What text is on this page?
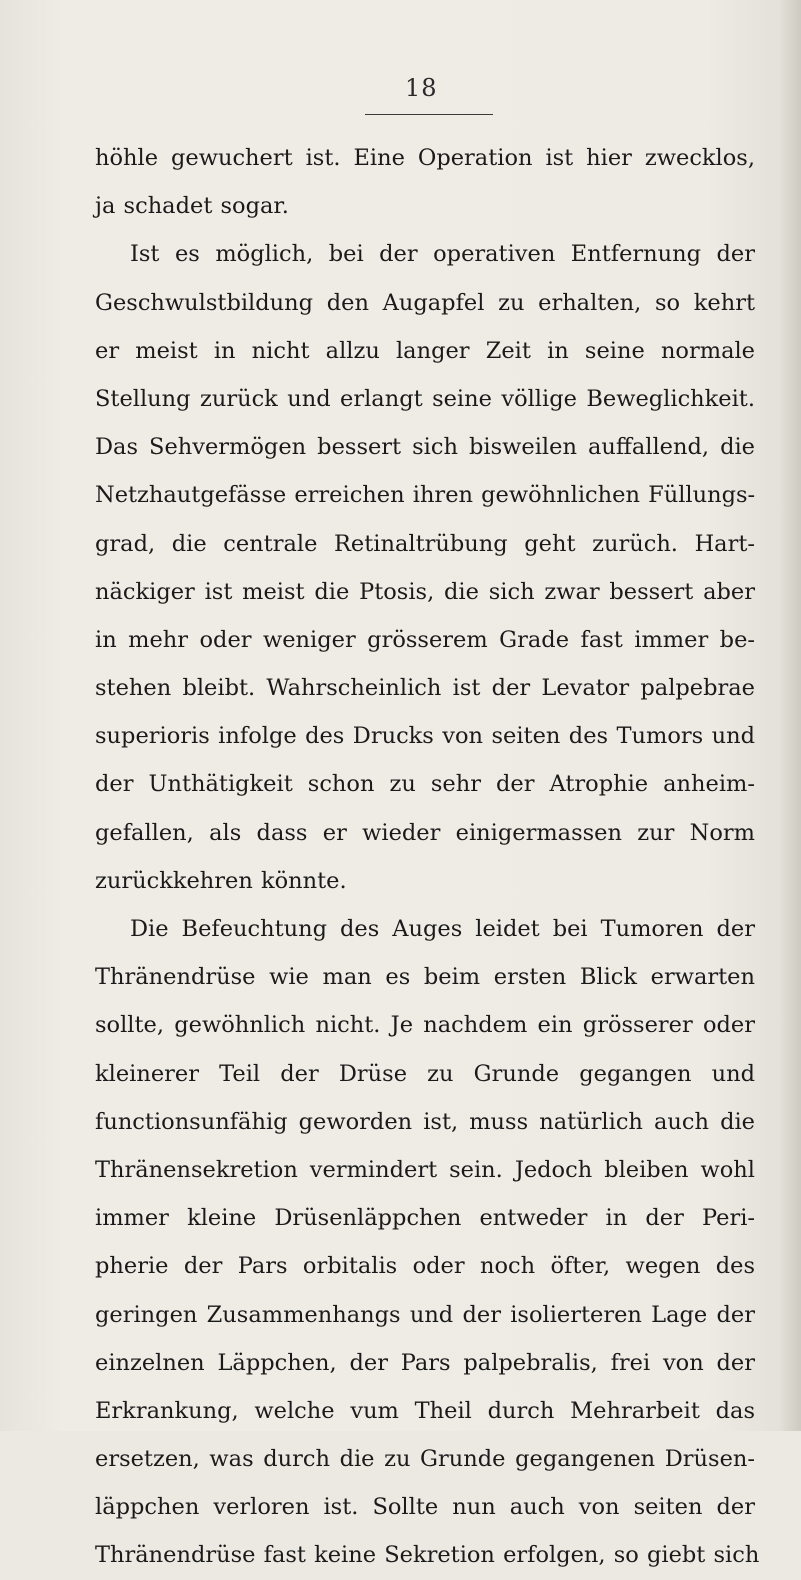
18
höhle gewuchert ist. Eine Operation ist hier zwecklos,
ja schadet sogar.
Ist es möglich, bei der operativen Entfernung der
Geschwulstbildung den Augapfel zu erhalten, so kehrt
er meist in nicht allzu langer Zeit in seine normale
Stellung zurück und erlangt seine völlige Beweglichkeit.
Das Sehvermögen bessert sich bisweilen auffallend, die
Netzhautgefässe erreichen ihren gewöhnlichen Füllungs-
grad, die centrale Retinaltrübung geht zurüch. Hart-
näckiger ist meist die Ptosis, die sich zwar bessert aber
in mehr oder weniger grösserem Grade fast immer be-
stehen bleibt. Wahrscheinlich ist der Levator palpebrae
superioris infolge des Drucks von seiten des Tumors und
der Unthätigkeit schon zu sehr der Atrophie anheim-
gefallen, als dass er wieder einigermassen zur Norm
zurückkehren könnte.
Die Befeuchtung des Auges leidet bei Tumoren der
Thränendrüse wie man es beim ersten Blick erwarten
sollte, gewöhnlich nicht. Je nachdem ein grösserer oder
kleinerer Teil der Drüse zu Grunde gegangen und
functionsunfähig geworden ist, muss natürlich auch die
Thränensekretion vermindert sein. Jedoch bleiben wohl
immer kleine Drüsenläppchen entweder in der Peri-
pherie der Pars orbitalis oder noch öfter, wegen des
geringen Zusammenhangs und der isolierteren Lage der
einzelnen Läppchen, der Pars palpebralis, frei von der
Erkrankung, welche vum Theil durch Mehrarbeit das
ersetzen, was durch die zu Grunde gegangenen Drüsen-
läppchen verloren ist. Sollte nun auch von seiten der
Thränendrüse fast keine Sekretion erfolgen, so giebt sich
